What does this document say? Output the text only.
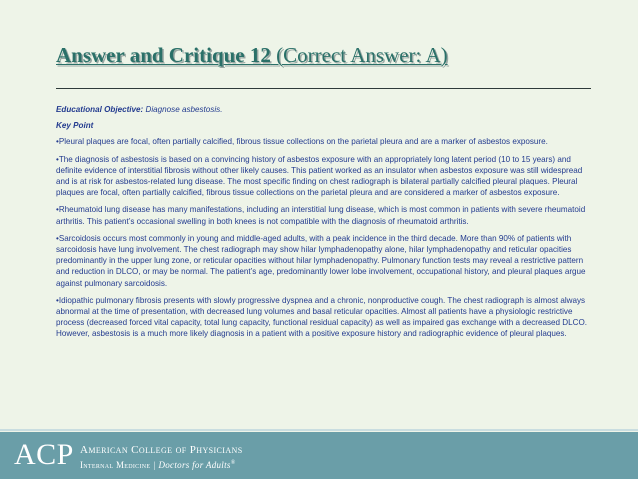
Answer and Critique 12 (Correct Answer: A)

Educational Objective: Diagnose asbestosis.

Key Point

•Pleural plaques are focal, often partially calcified, fibrous tissue collections on the parietal pleura and are a marker of asbestos exposure.

•The diagnosis of asbestosis is based on a convincing history of asbestos exposure with an appropriately long latent period (10 to 15 years) and definite evidence of interstitial fibrosis without other likely causes. This patient worked as an insulator when asbestos exposure was still widespread and is at risk for asbestos-related lung disease. The most specific finding on chest radiograph is bilateral partially calcified pleural plaques. Pleural plaques are focal, often partially calcified, fibrous tissue collections on the parietal pleura and are considered a marker of asbestos exposure.

•Rheumatoid lung disease has many manifestations, including an interstitial lung disease, which is most common in patients with severe rheumatoid arthritis. This patient’s occasional swelling in both knees is not compatible with the diagnosis of rheumatoid arthritis.

•Sarcoidosis occurs most commonly in young and middle-aged adults, with a peak incidence in the third decade. More than 90% of patients with sarcoidosis have lung involvement. The chest radiograph may show hilar lymphadenopathy alone, hilar lymphadenopathy and reticular opacities predominantly in the upper lung zone, or reticular opacities without hilar lymphadenopathy. Pulmonary function tests may reveal a restrictive pattern and reduction in DLCO, or may be normal. The patient’s age, predominantly lower lobe involvement, occupational history, and pleural plaques argue against pulmonary sarcoidosis.

•Idiopathic pulmonary fibrosis presents with slowly progressive dyspnea and a chronic, nonproductive cough. The chest radiograph is almost always abnormal at the time of presentation, with decreased lung volumes and basal reticular opacities. Almost all patients have a physiologic restrictive process (decreased forced vital capacity, total lung capacity, functional residual capacity) as well as impaired gas exchange with a decreased DLCO. However, asbestosis is a much more likely diagnosis in a patient with a positive exposure history and radiographic evidence of pleural plaques.

ACP American College of Physicians
Internal Medicine | Doctors for Adults®
